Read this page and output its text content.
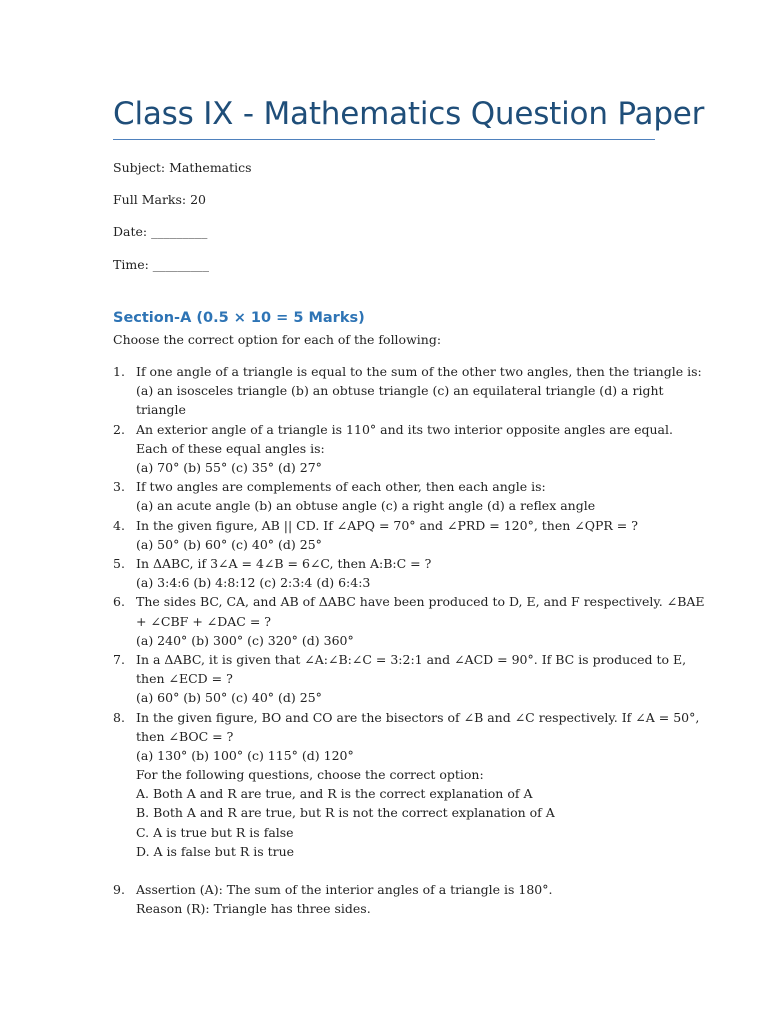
Class IX - Mathematics Question Paper
Subject: Mathematics
Full Marks: 20
Date: _________
Time: _________
Section-A (0.5 × 10 = 5 Marks)
Choose the correct option for each of the following:
1. If one angle of a triangle is equal to the sum of the other two angles, then the triangle is:
(a) an isosceles triangle (b) an obtuse triangle (c) an equilateral triangle (d) a right
triangle
2. An exterior angle of a triangle is 110° and its two interior opposite angles are equal.
Each of these equal angles is:
(a) 70° (b) 55° (c) 35° (d) 27°
3. If two angles are complements of each other, then each angle is:
(a) an acute angle (b) an obtuse angle (c) a right angle (d) a reflex angle
4. In the given figure, AB || CD. If ∠APQ = 70° and ∠PRD = 120°, then ∠QPR = ?
(a) 50° (b) 60° (c) 40° (d) 25°
5. In ΔABC, if 3∠A = 4∠B = 6∠C, then A:B:C = ?
(a) 3:4:6 (b) 4:8:12 (c) 2:3:4 (d) 6:4:3
6. The sides BC, CA, and AB of ΔABC have been produced to D, E, and F respectively. ∠BAE
+ ∠CBF + ∠DAC = ?
(a) 240° (b) 300° (c) 320° (d) 360°
7. In a ΔABC, it is given that ∠A:∠B:∠C = 3:2:1 and ∠ACD = 90°. If BC is produced to E,
then ∠ECD = ?
(a) 60° (b) 50° (c) 40° (d) 25°
8. In the given figure, BO and CO are the bisectors of ∠B and ∠C respectively. If ∠A = 50°,
then ∠BOC = ?
(a) 130° (b) 100° (c) 115° (d) 120°
For the following questions, choose the correct option:
A. Both A and R are true, and R is the correct explanation of A
B. Both A and R are true, but R is not the correct explanation of A
C. A is true but R is false
D. A is false but R is true
9. Assertion (A): The sum of the interior angles of a triangle is 180°.
Reason (R): Triangle has three sides.
